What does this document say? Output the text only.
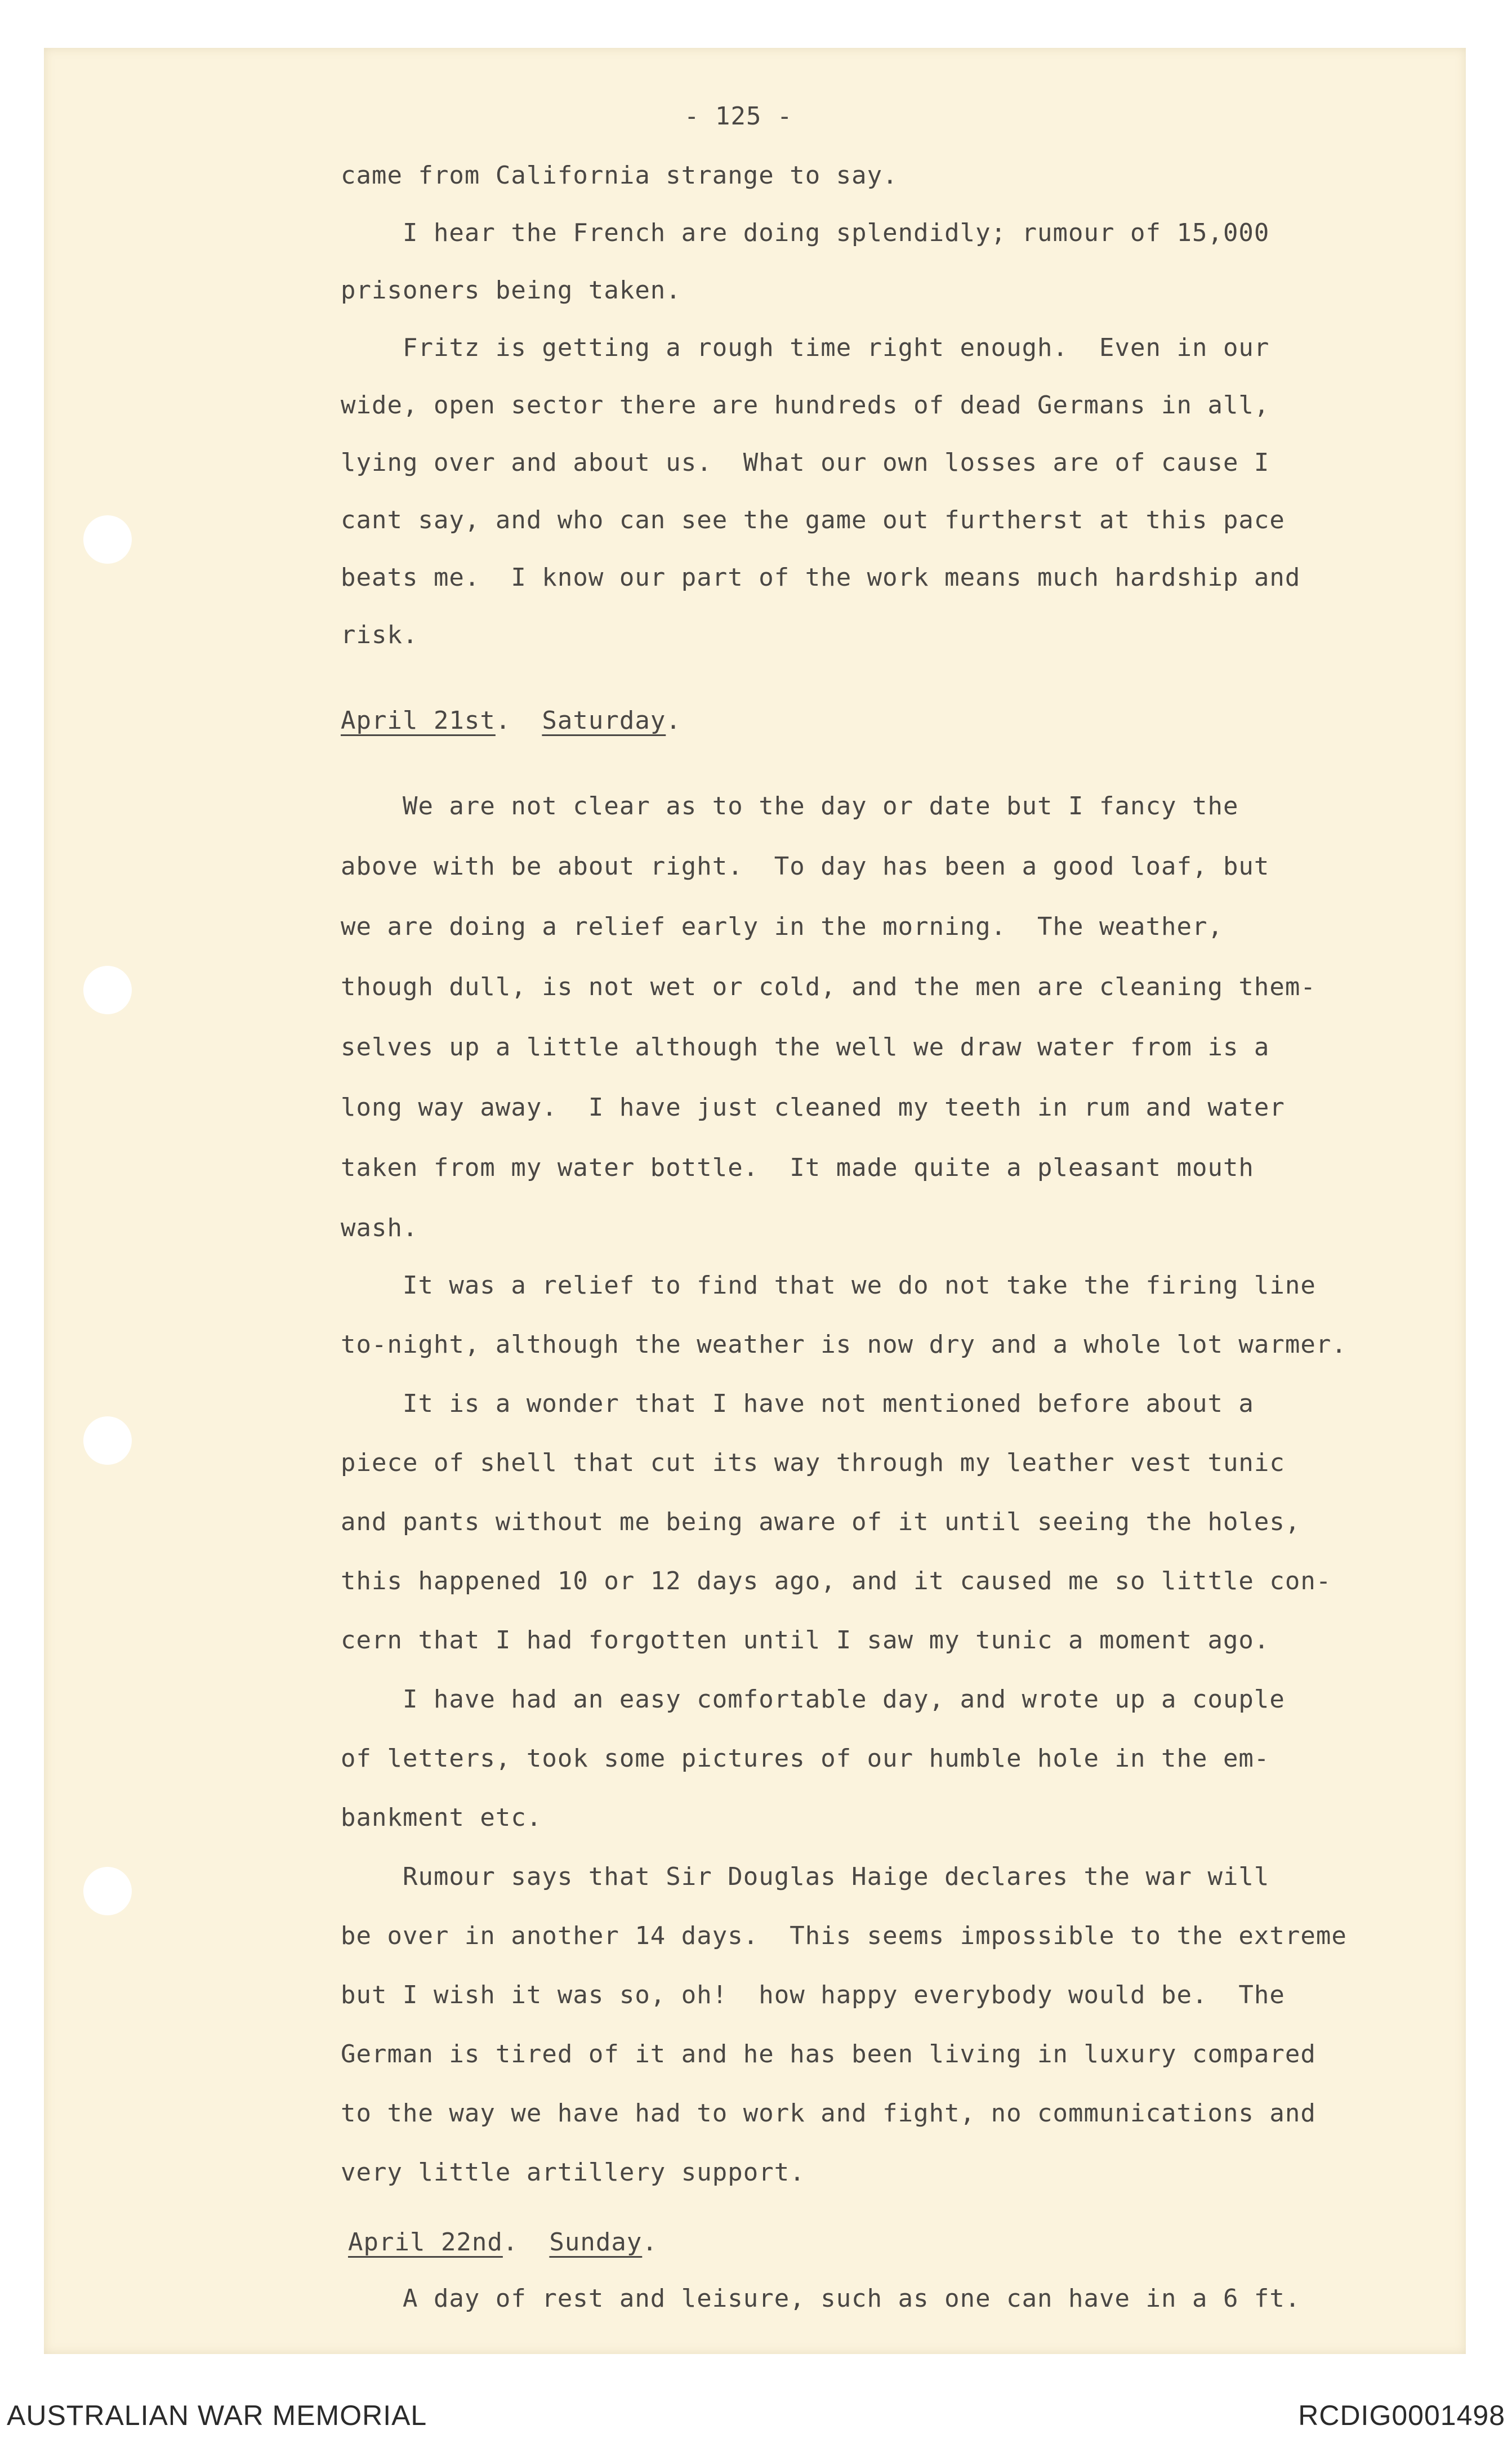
- 125 -
came from California strange to say.
I hear the French are doing splendidly; rumour of 15,000
prisoners being taken.
Fritz is getting a rough time right enough.  Even in our
wide, open sector there are hundreds of dead Germans in all,
lying over and about us.  What our own losses are of cause I
cant say, and who can see the game out furtherst at this pace
beats me.  I know our part of the work means much hardship and
risk.
April 21st.  Saturday.
We are not clear as to the day or date but I fancy the
above with be about right.  To day has been a good loaf, but
we are doing a relief early in the morning.  The weather,
though dull, is not wet or cold, and the men are cleaning them-
selves up a little although the well we draw water from is a
long way away.  I have just cleaned my teeth in rum and water
taken from my water bottle.  It made quite a pleasant mouth
wash.
It was a relief to find that we do not take the firing line
to-night, although the weather is now dry and a whole lot warmer.
It is a wonder that I have not mentioned before about a
piece of shell that cut its way through my leather vest tunic
and pants without me being aware of it until seeing the holes,
this happened 10 or 12 days ago, and it caused me so little con-
cern that I had forgotten until I saw my tunic a moment ago.
I have had an easy comfortable day, and wrote up a couple
of letters, took some pictures of our humble hole in the em-
bankment etc.
Rumour says that Sir Douglas Haige declares the war will
be over in another 14 days.  This seems impossible to the extreme
but I wish it was so, oh!  how happy everybody would be.  The
German is tired of it and he has been living in luxury compared
to the way we have had to work and fight, no communications and
very little artillery support.
April 22nd.  Sunday.
A day of rest and leisure, such as one can have in a 6 ft.
AUSTRALIAN WAR MEMORIAL	RCDIG0001498
